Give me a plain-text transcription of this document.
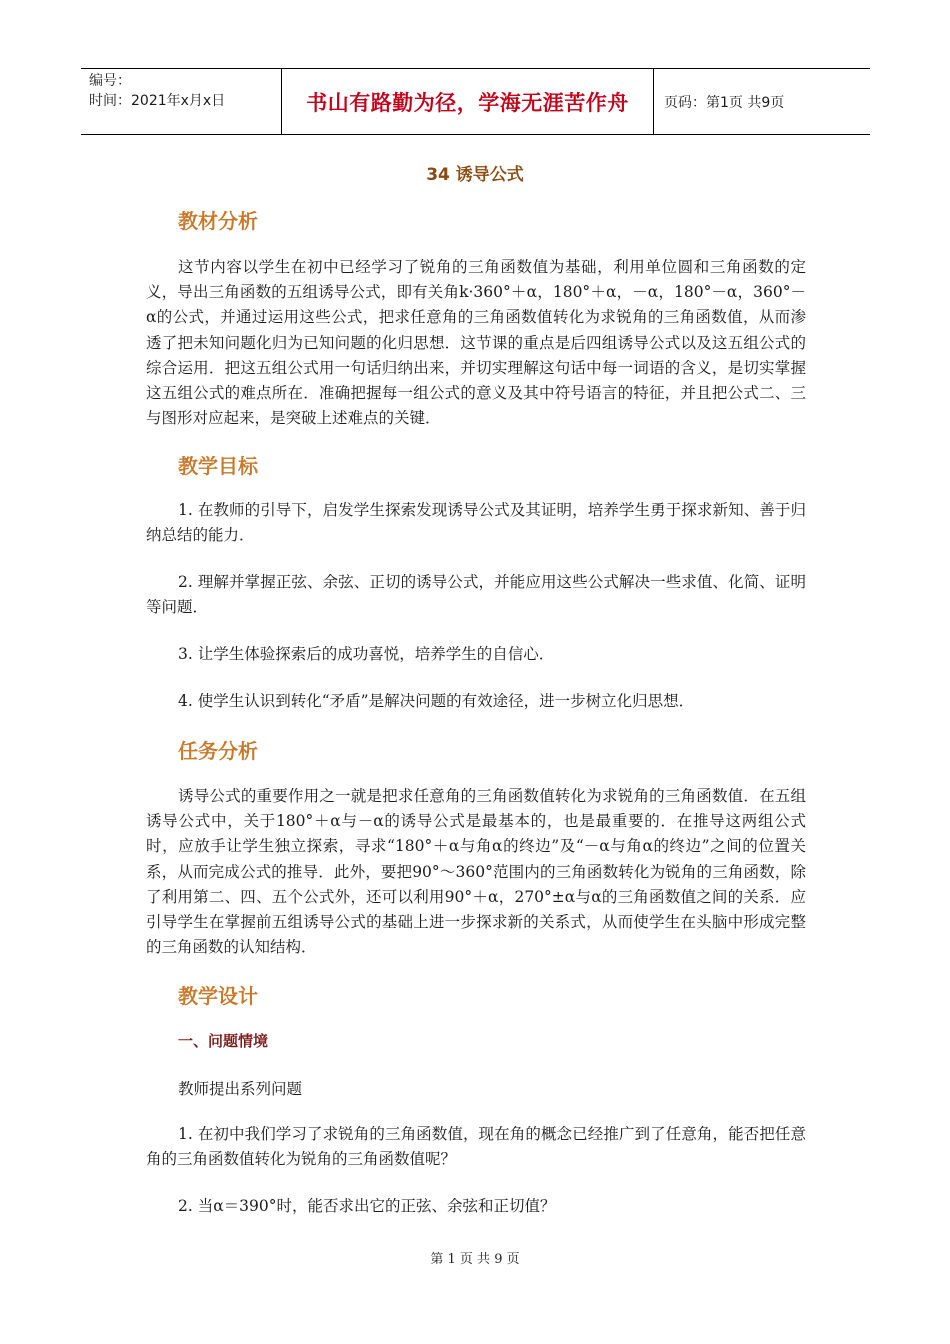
编号：
时间：2021年x月x日	书山有路勤为径，学海无涯苦作舟	页码：第1页 共9页
34 诱导公式
教材分析
这节内容以学生在初中已经学习了锐角的三角函数值为基础，利用单位圆和三角函数的定义，导出三角函数的五组诱导公式，即有关角k·360°＋α，180°＋α，－α，180°－α，360°－α的公式，并通过运用这些公式，把求任意角的三角函数值转化为求锐角的三角函数值，从而渗透了把未知问题化归为已知问题的化归思想．这节课的重点是后四组诱导公式以及这五组公式的综合运用．把这五组公式用一句话归纳出来，并切实理解这句话中每一词语的含义，是切实掌握这五组公式的难点所在．准确把握每一组公式的意义及其中符号语言的特征，并且把公式二、三与图形对应起来，是突破上述难点的关键．
教学目标
1. 在教师的引导下，启发学生探索发现诱导公式及其证明，培养学生勇于探求新知、善于归纳总结的能力．
2. 理解并掌握正弦、余弦、正切的诱导公式，并能应用这些公式解决一些求值、化简、证明等问题．
3. 让学生体验探索后的成功喜悦，培养学生的自信心．
4. 使学生认识到转化“矛盾”是解决问题的有效途径，进一步树立化归思想．
任务分析
诱导公式的重要作用之一就是把求任意角的三角函数值转化为求锐角的三角函数值．在五组诱导公式中，关于180°＋α与－α的诱导公式是最基本的，也是最重要的．在推导这两组公式时，应放手让学生独立探索，寻求“180°＋α与角α的终边”及“－α与角α的终边”之间的位置关系，从而完成公式的推导．此外，要把90°～360°范围内的三角函数转化为锐角的三角函数，除了利用第二、四、五个公式外，还可以利用90°＋α，270°±α与α的三角函数值之间的关系．应引导学生在掌握前五组诱导公式的基础上进一步探求新的关系式，从而使学生在头脑中形成完整的三角函数的认知结构．
教学设计
一、问题情境
教师提出系列问题
1. 在初中我们学习了求锐角的三角函数值，现在角的概念已经推广到了任意角，能否把任意角的三角函数值转化为锐角的三角函数值呢？
2. 当α＝390°时，能否求出它的正弦、余弦和正切值？
第 1 页 共 9 页
